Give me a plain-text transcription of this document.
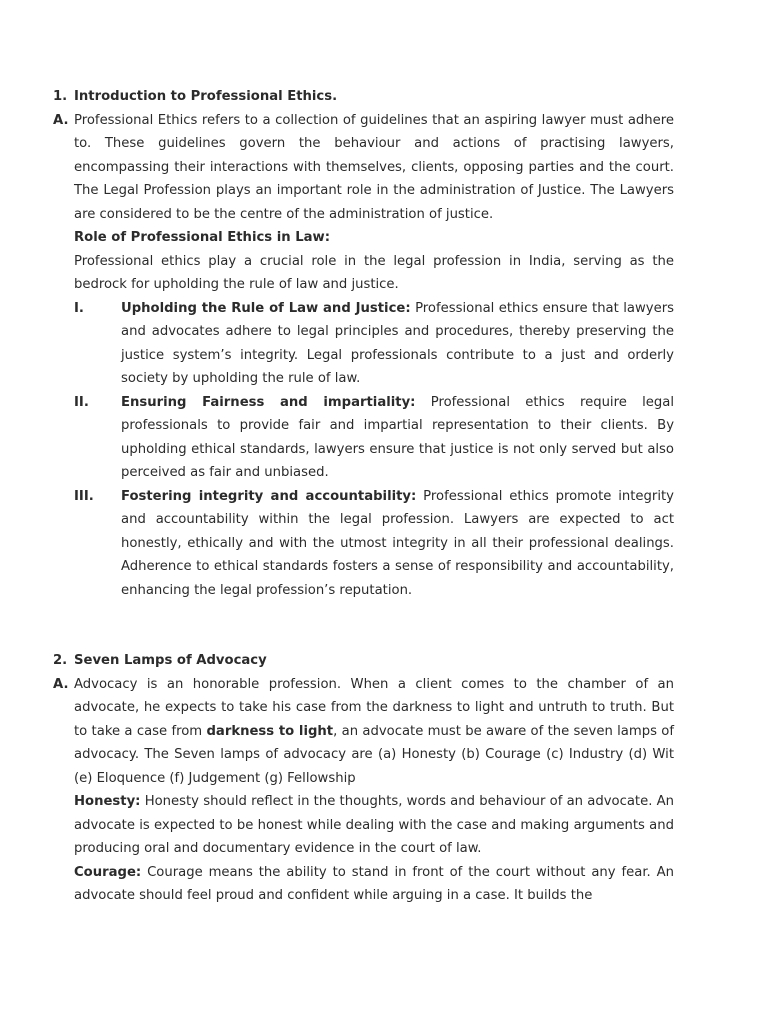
1. Introduction to Professional Ethics.
A. Professional Ethics refers to a collection of guidelines that an aspiring lawyer must adhere to. These guidelines govern the behaviour and actions of practising lawyers, encompassing their interactions with themselves, clients, opposing parties and the court. The Legal Profession plays an important role in the administration of Justice. The Lawyers are considered to be the centre of the administration of justice.
Role of Professional Ethics in Law:
Professional ethics play a crucial role in the legal profession in India, serving as the bedrock for upholding the rule of law and justice.
I.	Upholding the Rule of Law and Justice: Professional ethics ensure that lawyers and advocates adhere to legal principles and procedures, thereby preserving the justice system’s integrity. Legal professionals contribute to a just and orderly society by upholding the rule of law.
II.	Ensuring Fairness and impartiality: Professional ethics require legal professionals to provide fair and impartial representation to their clients. By upholding ethical standards, lawyers ensure that justice is not only served but also perceived as fair and unbiased.
III.	Fostering integrity and accountability: Professional ethics promote integrity and accountability within the legal profession. Lawyers are expected to act honestly, ethically and with the utmost integrity in all their professional dealings. Adherence to ethical standards fosters a sense of responsibility and accountability, enhancing the legal profession’s reputation.
2. Seven Lamps of Advocacy
A. Advocacy is an honorable profession. When a client comes to the chamber of an advocate, he expects to take his case from the darkness to light and untruth to truth. But to take a case from darkness to light, an advocate must be aware of the seven lamps of advocacy. The Seven lamps of advocacy are (a) Honesty (b) Courage (c) Industry (d) Wit (e) Eloquence (f) Judgement (g) Fellowship
Honesty: Honesty should reflect in the thoughts, words and behaviour of an advocate. An advocate is expected to be honest while dealing with the case and making arguments and producing oral and documentary evidence in the court of law.
Courage: Courage means the ability to stand in front of the court without any fear. An advocate should feel proud and confident while arguing in a case. It builds the
